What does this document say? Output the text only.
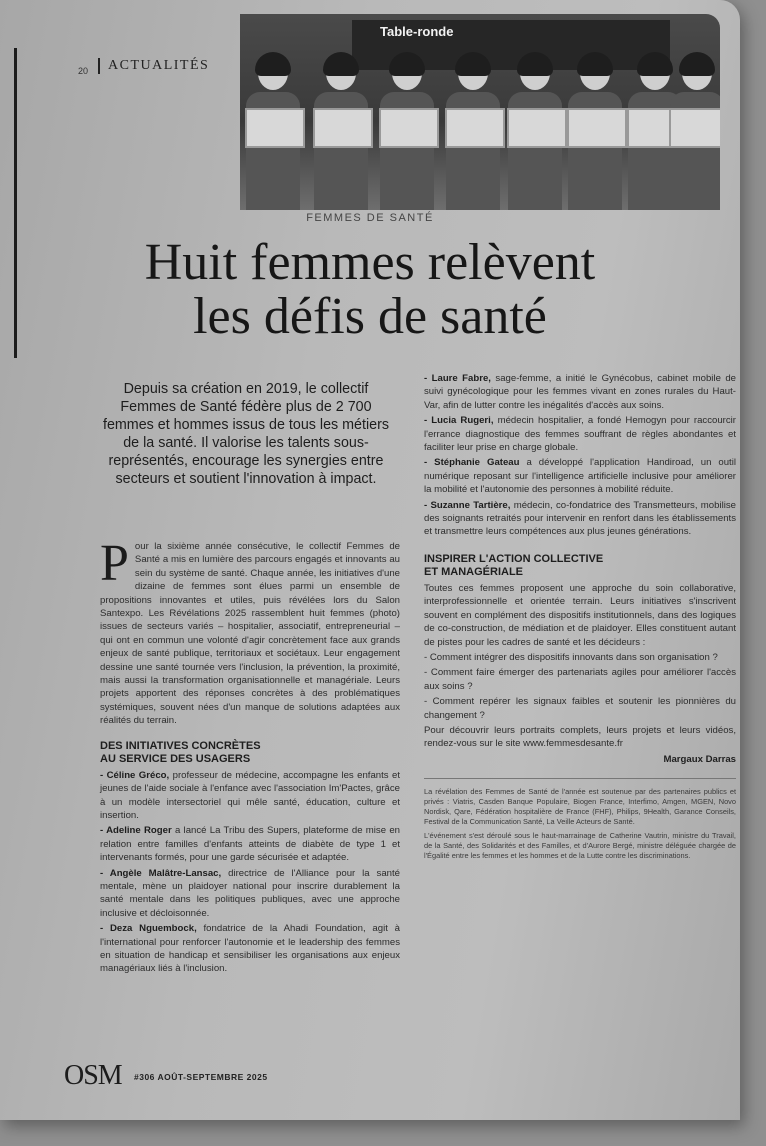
20	ACTUALITÉS
Table-ronde
FEMMES DE SANTÉ
Huit femmes relèvent
les défis de santé

Depuis sa création en 2019, le collectif Femmes de Santé fédère plus de 2 700 femmes et hommes issus de tous les métiers de la santé. Il valorise les talents sous-représentés, encourage les synergies entre secteurs et soutient l'innovation à impact.

Pour la sixième année consécutive, le collectif Femmes de Santé a mis en lumière des parcours engagés et innovants au sein du système de santé. Chaque année, les initiatives d'une dizaine de femmes sont élues parmi un ensemble de propositions innovantes et utiles, puis révélées lors du Salon Santexpo. Les Révélations 2025 rassemblent huit femmes (photo) issues de secteurs variés – hospitalier, associatif, entrepreneurial – qui ont en commun une volonté d'agir concrètement face aux grands enjeux de santé publique, territoriaux et sociétaux. Leur engagement dessine une santé tournée vers l'inclusion, la prévention, la proximité, mais aussi la transformation organisationnelle et managériale. Leurs projets apportent des réponses concrètes à des problématiques systémiques, souvent nées d'un manque de solutions adaptées aux réalités du terrain.

DES INITIATIVES CONCRÈTES
AU SERVICE DES USAGERS

- Céline Gréco, professeur de médecine, accompagne les enfants et jeunes de l'aide sociale à l'enfance avec l'association Im'Pactes, grâce à un modèle intersectoriel qui mêle santé, éducation, culture et insertion.

- Adeline Roger a lancé La Tribu des Supers, plateforme de mise en relation entre familles d'enfants atteints de diabète de type 1 et intervenants formés, pour une garde sécurisée et adaptée.

- Angèle Malâtre-Lansac, directrice de l'Alliance pour la santé mentale, mène un plaidoyer national pour inscrire durablement la santé mentale dans les politiques publiques, avec une approche inclusive et décloisonnée.

- Deza Nguembock, fondatrice de la Ahadi Foundation, agit à l'international pour renforcer l'autonomie et le leadership des femmes en situation de handicap et sensibiliser les organisations aux enjeux managériaux liés à l'inclusion.

- Laure Fabre, sage-femme, a initié le Gynécobus, cabinet mobile de suivi gynécologique pour les femmes vivant en zones rurales du Haut-Var, afin de lutter contre les inégalités d'accès aux soins.

- Lucia Rugeri, médecin hospitalier, a fondé Hemogyn pour raccourcir l'errance diagnostique des femmes souffrant de règles abondantes et faciliter leur prise en charge globale.

- Stéphanie Gateau a développé l'application Handiroad, un outil numérique reposant sur l'intelligence artificielle inclusive pour améliorer la mobilité et l'autonomie des personnes à mobilité réduite.

- Suzanne Tartière, médecin, co-fondatrice des Transmetteurs, mobilise des soignants retraités pour intervenir en renfort dans les établissements et transmettre leurs compétences aux plus jeunes générations.

INSPIRER L'ACTION COLLECTIVE
ET MANAGÉRIALE

Toutes ces femmes proposent une approche du soin collaborative, interprofessionnelle et orientée terrain. Leurs initiatives s'inscrivent souvent en complément des dispositifs institutionnels, dans des logiques de co-construction, de médiation et de plaidoyer. Elles constituent autant de pistes pour les cadres de santé et les décideurs :

- Comment intégrer des dispositifs innovants dans son organisation ?

- Comment faire émerger des partenariats agiles pour améliorer l'accès aux soins ?

- Comment repérer les signaux faibles et soutenir les pionnières du changement ?

Pour découvrir leurs portraits complets, leurs projets et leurs vidéos, rendez-vous sur le site www.femmesdesante.fr

Margaux Darras

La révélation des Femmes de Santé de l'année est soutenue par des partenaires publics et privés : Viatris, Casden Banque Populaire, Biogen France, Interfimo, Amgen, MGEN, Novo Nordisk, Qare, Fédération hospitalière de France (FHF), Philips, 9Health, Garance Conseils, Festival de la Communication Santé, La Veille Acteurs de Santé.

L'événement s'est déroulé sous le haut-marrainage de Catherine Vautrin, ministre du Travail, de la Santé, des Solidarités et des Familles, et d'Aurore Bergé, ministre déléguée chargée de l'Égalité entre les femmes et les hommes et de la Lutte contre les discriminations.

OSM #306 AOÛT-SEPTEMBRE 2025
